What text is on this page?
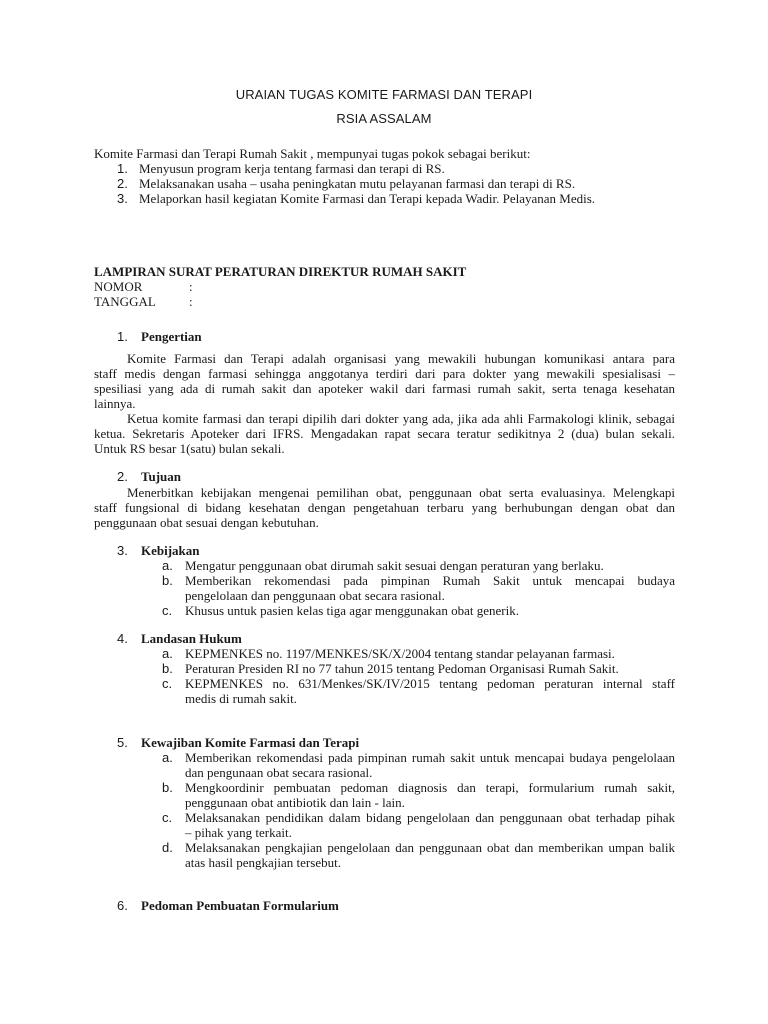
URAIAN TUGAS KOMITE FARMASI DAN TERAPI
RSIA ASSALAM
Komite Farmasi dan Terapi Rumah Sakit , mempunyai tugas pokok sebagai berikut:
1. Menyusun program kerja tentang farmasi dan terapi di RS.
2. Melaksanakan usaha – usaha peningkatan mutu pelayanan farmasi dan terapi di RS.
3. Melaporkan hasil kegiatan Komite Farmasi dan Terapi kepada Wadir. Pelayanan Medis.
LAMPIRAN SURAT PERATURAN DIREKTUR RUMAH SAKIT
NOMOR	:
TANGGAL	:
1. Pengertian
Komite Farmasi dan Terapi adalah organisasi yang mewakili hubungan komunikasi antara para
staff medis dengan farmasi sehingga anggotanya terdiri dari para dokter yang mewakili spesialisasi –
spesiliasi yang ada di rumah sakit dan apoteker wakil dari farmasi rumah sakit, serta tenaga kesehatan
lainnya.
Ketua komite farmasi dan terapi dipilih dari dokter yang ada, jika ada ahli Farmakologi klinik, sebagai
ketua. Sekretaris Apoteker dari IFRS. Mengadakan rapat secara teratur sedikitnya 2 (dua) bulan sekali.
Untuk RS besar 1(satu) bulan sekali.
2. Tujuan
Menerbitkan kebijakan mengenai pemilihan obat, penggunaan obat serta evaluasinya. Melengkapi
staff fungsional di bidang kesehatan dengan pengetahuan terbaru yang berhubungan dengan obat dan
penggunaan obat sesuai dengan kebutuhan.
3. Kebijakan
a. Mengatur penggunaan obat dirumah sakit sesuai dengan peraturan yang berlaku.
b. Memberikan rekomendasi pada pimpinan Rumah Sakit untuk mencapai budaya
pengelolaan dan penggunaan obat secara rasional.
c. Khusus untuk pasien kelas tiga agar menggunakan obat generik.
4. Landasan Hukum
a. KEPMENKES no. 1197/MENKES/SK/X/2004 tentang standar pelayanan farmasi.
b. Peraturan Presiden RI no 77 tahun 2015 tentang Pedoman Organisasi Rumah Sakit.
c. KEPMENKES no. 631/Menkes/SK/IV/2015 tentang pedoman peraturan internal staff
medis di rumah sakit.
5. Kewajiban Komite Farmasi dan Terapi
a. Memberikan rekomendasi pada pimpinan rumah sakit untuk mencapai budaya pengelolaan
dan pengunaan obat secara rasional.
b. Mengkoordinir pembuatan pedoman diagnosis dan terapi, formularium rumah sakit,
penggunaan obat antibiotik dan lain - lain.
c. Melaksanakan pendidikan dalam bidang pengelolaan dan penggunaan obat terhadap pihak
– pihak yang terkait.
d. Melaksanakan pengkajian pengelolaan dan penggunaan obat dan memberikan umpan balik
atas hasil pengkajian tersebut.
6. Pedoman Pembuatan Formularium
